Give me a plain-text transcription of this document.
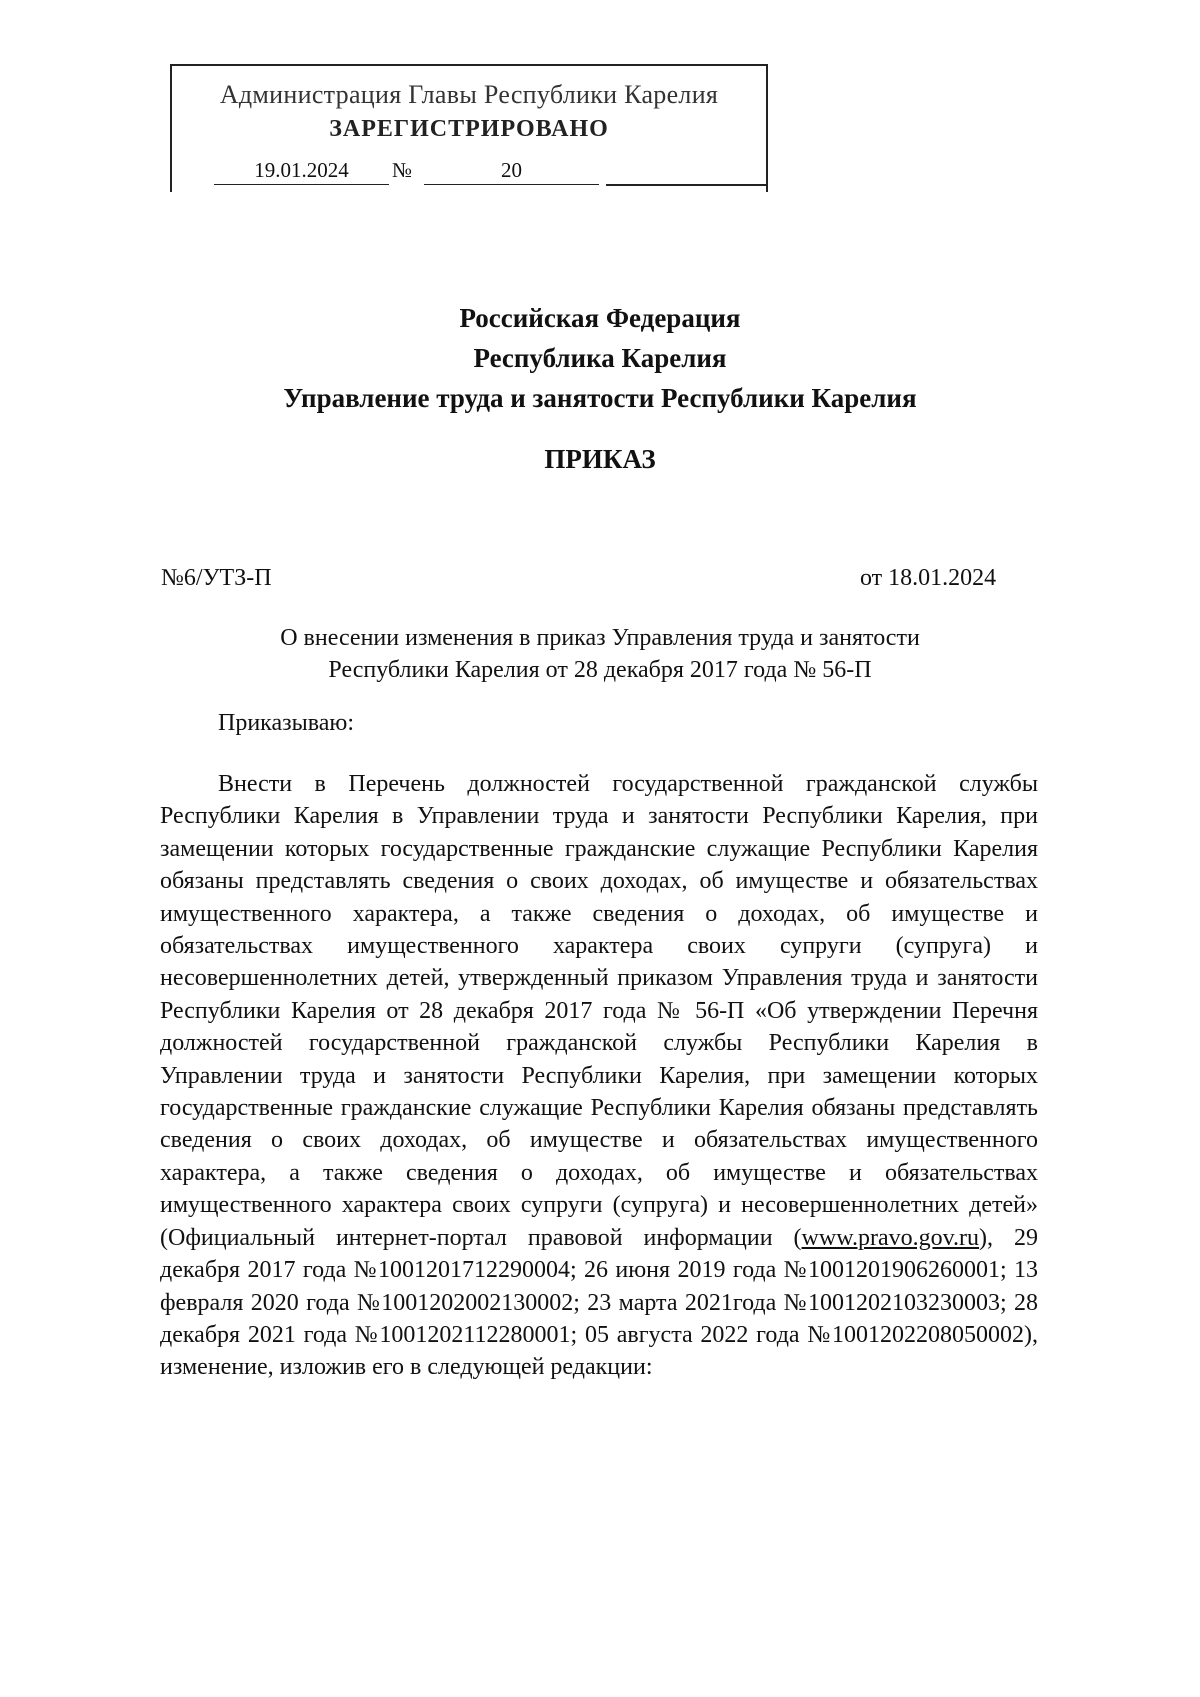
Администрация Главы Республики Карелия
ЗАРЕГИСТРИРОВАНО
19.01.2024	№	20
Российская Федерация
Республика Карелия
Управление труда и занятости Республики Карелия
ПРИКАЗ
№6/УТЗ-П	от 18.01.2024
О внесении изменения в приказ Управления труда и занятости
Республики Карелия от 28 декабря 2017 года № 56-П
Приказываю:

Внести в Перечень должностей государственной гражданской службы Республики Карелия в Управлении труда и занятости Республики Карелия, при замещении которых государственные гражданские служащие Республики Карелия обязаны представлять сведения о своих доходах, об имуществе и обязательствах имущественного характера, а также сведения о доходах, об имуществе и обязательствах имущественного характера своих супруги (супруга) и несовершеннолетних детей, утвержденный приказом Управления труда и занятости Республики Карелия от 28 декабря 2017 года № 56-П «Об утверждении Перечня должностей государственной гражданской службы Республики Карелия в Управлении труда и занятости Республики Карелия, при замещении которых государственные гражданские служащие Республики Карелия обязаны представлять сведения о своих доходах, об имуществе и обязательствах имущественного характера, а также сведения о доходах, об имуществе и обязательствах имущественного характера своих супруги (супруга) и несовершеннолетних детей» (Официальный интернет-портал правовой информации (www.pravo.gov.ru), 29 декабря 2017 года №1001201712290004; 26 июня 2019 года №1001201906260001; 13 февраля 2020 года №1001202002130002; 23 марта 2021года №1001202103230003; 28 декабря 2021 года №1001202112280001; 05 августа 2022 года №1001202208050002), изменение, изложив его в следующей редакции:
